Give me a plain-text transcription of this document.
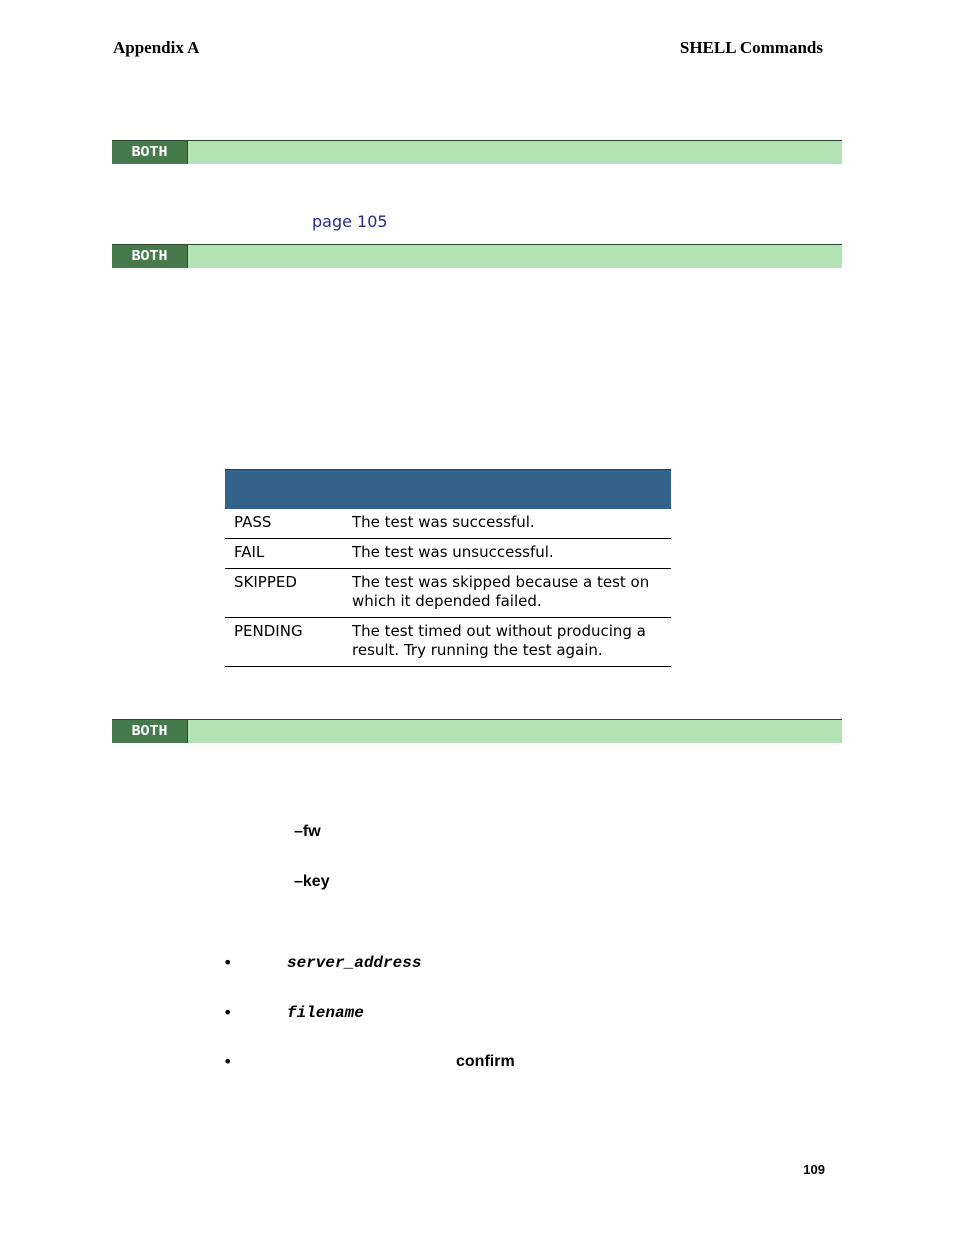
Appendix A	SHELL Commands
BOTH
page 105
BOTH
PASS	The test was successful.
FAIL	The test was unsuccessful.
SKIPPED	The test was skipped because a test on which it depended failed.
PENDING	The test timed out without producing a result. Try running the test again.
BOTH
–fw
–key
•	server_address
•	filename
•	confirm
109
